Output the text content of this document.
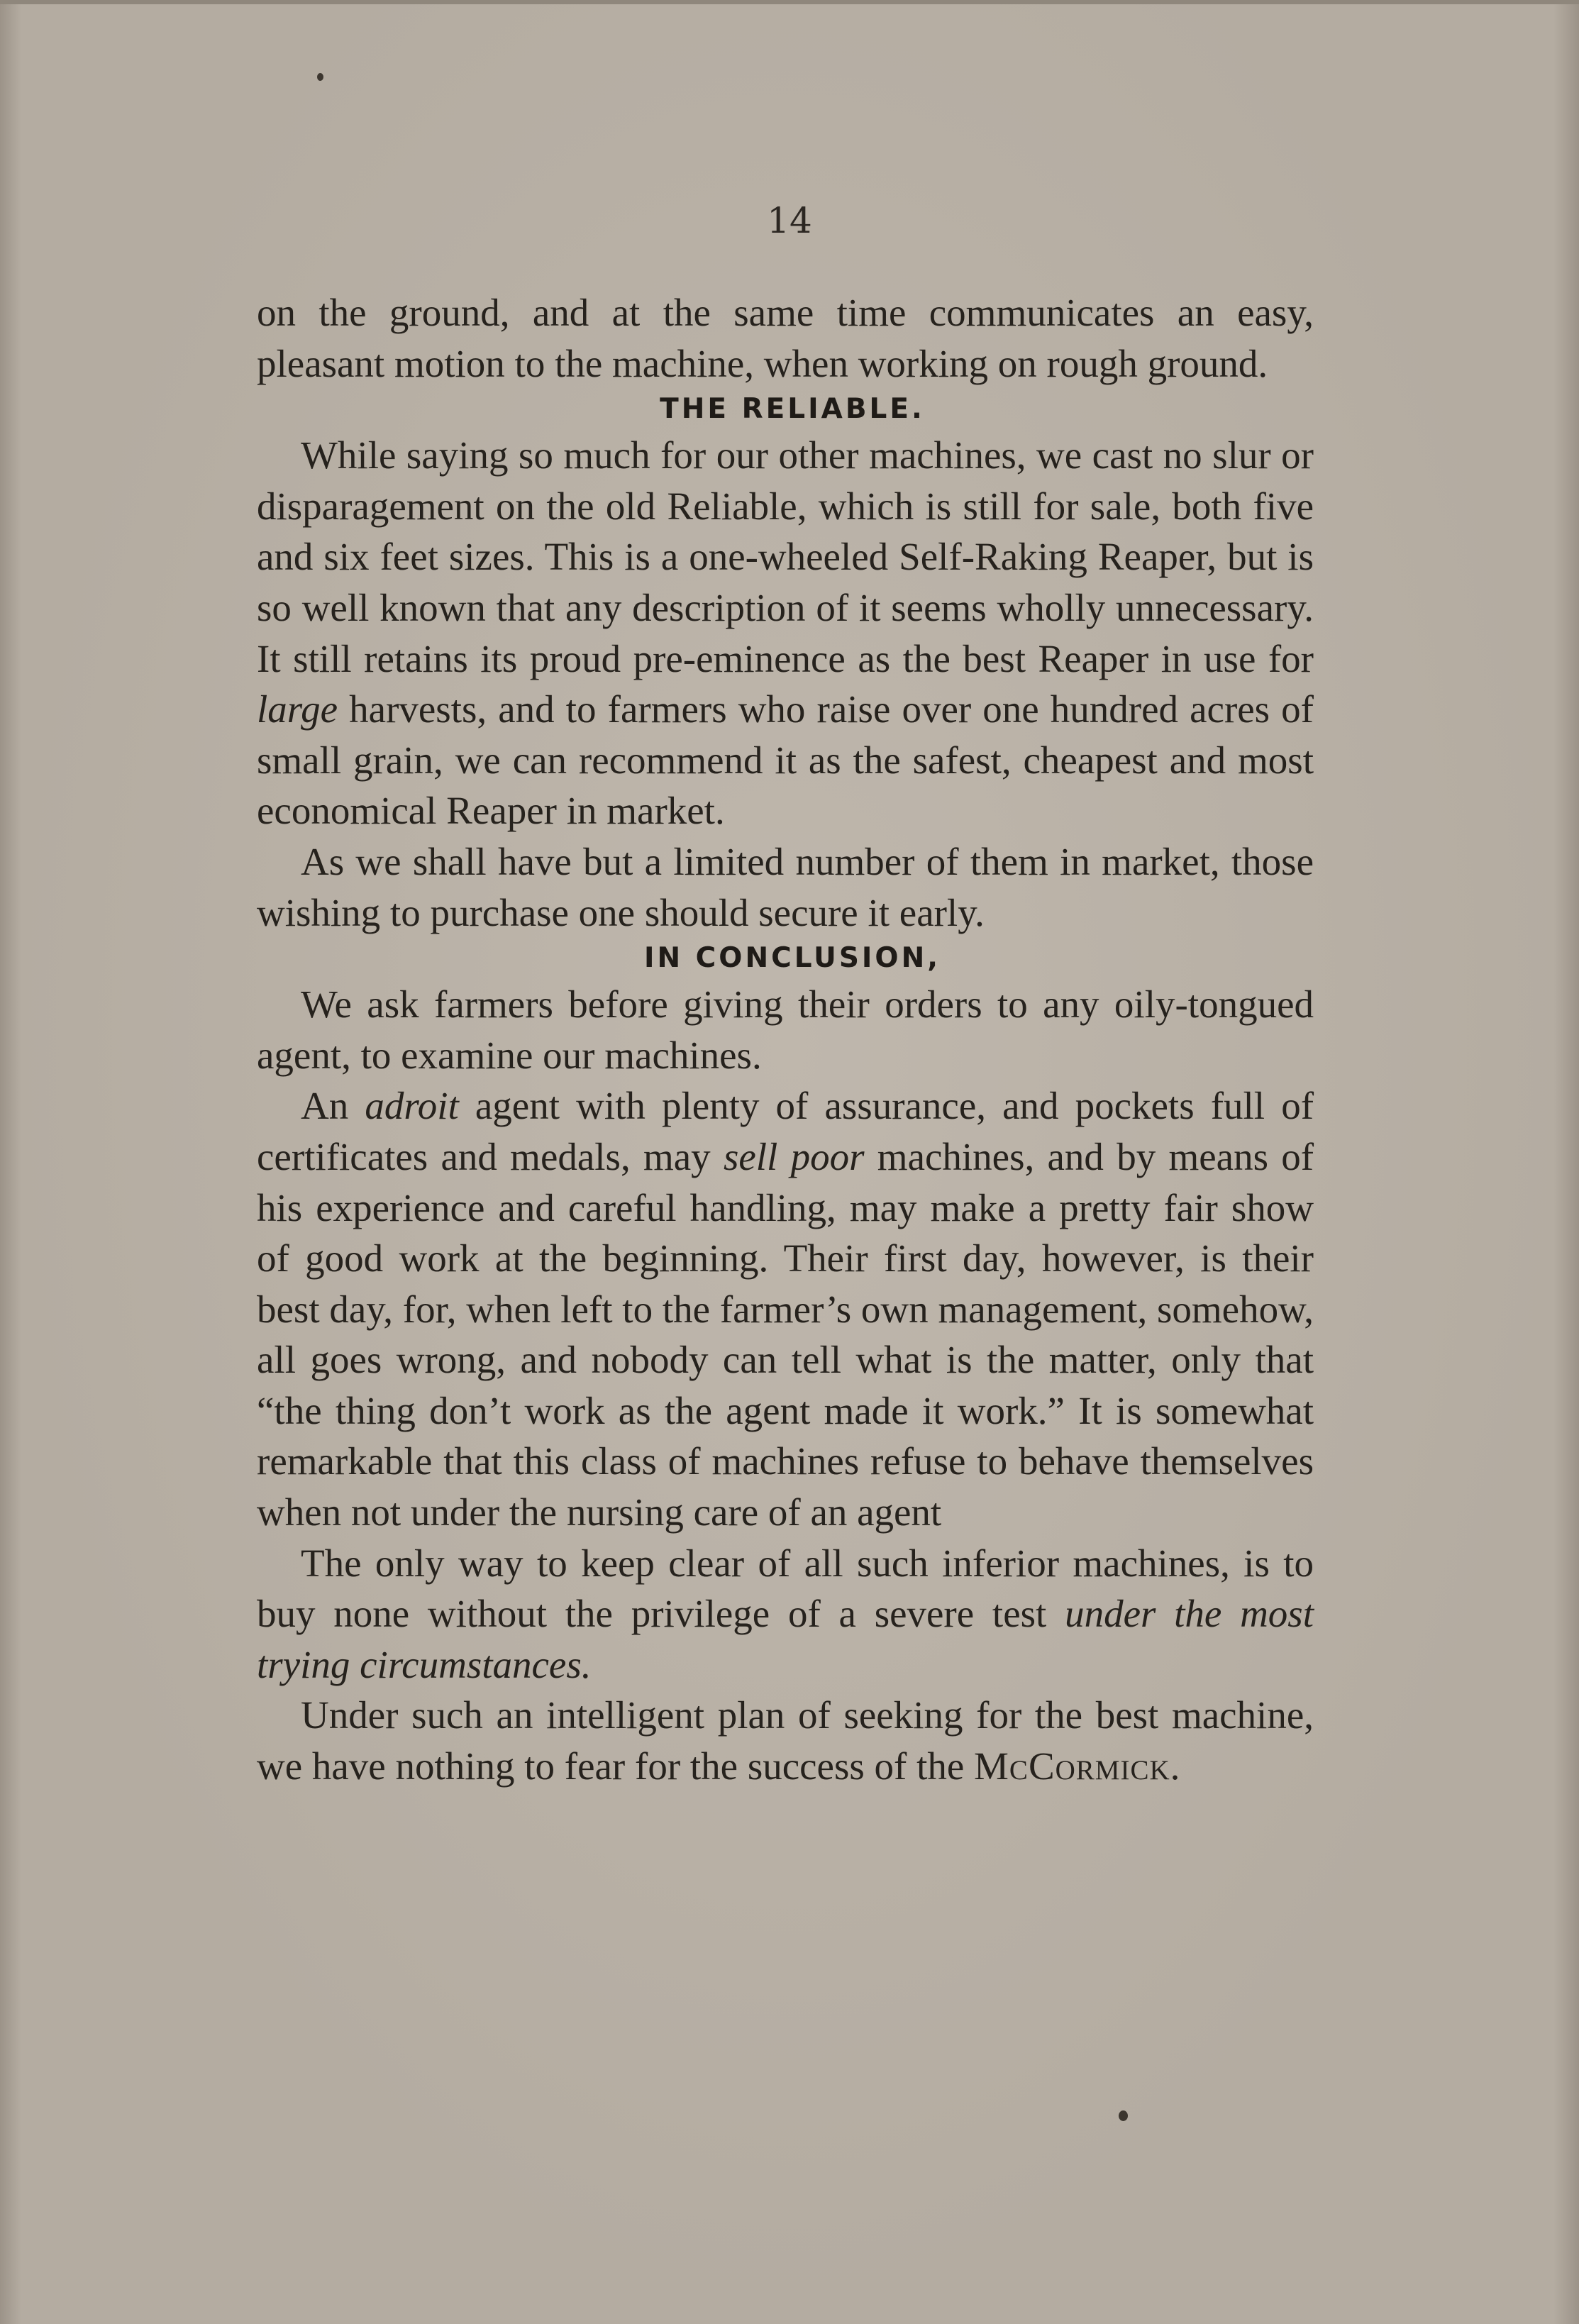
14

on the ground, and at the same time communicates an easy, pleasant motion to the machine, when working on rough ground.

THE RELIABLE.

While saying so much for our other machines, we cast no slur or disparagement on the old Reliable, which is still for sale, both five and six feet sizes. This is a one-wheeled Self-Raking Reaper, but is so well known that any description of it seems wholly unnecessary. It still retains its proud pre-eminence as the best Reaper in use for large harvests, and to farmers who raise over one hundred acres of small grain, we can recommend it as the safest, cheapest and most economical Reaper in market.

As we shall have but a limited number of them in market, those wishing to purchase one should secure it early.

IN CONCLUSION,

We ask farmers before giving their orders to any oily-tongued agent, to examine our machines.

An adroit agent with plenty of assurance, and pockets full of certificates and medals, may sell poor machines, and by means of his experience and careful handling, may make a pretty fair show of good work at the beginning. Their first day, however, is their best day, for, when left to the farmer’s own management, somehow, all goes wrong, and nobody can tell what is the matter, only that “the thing don’t work as the agent made it work.” It is somewhat remarkable that this class of machines refuse to behave themselves when not under the nursing care of an agent

The only way to keep clear of all such inferior machines, is to buy none without the privilege of a severe test under the most trying circumstances.

Under such an intelligent plan of seeking for the best machine, we have nothing to fear for the success of the McCormick.
